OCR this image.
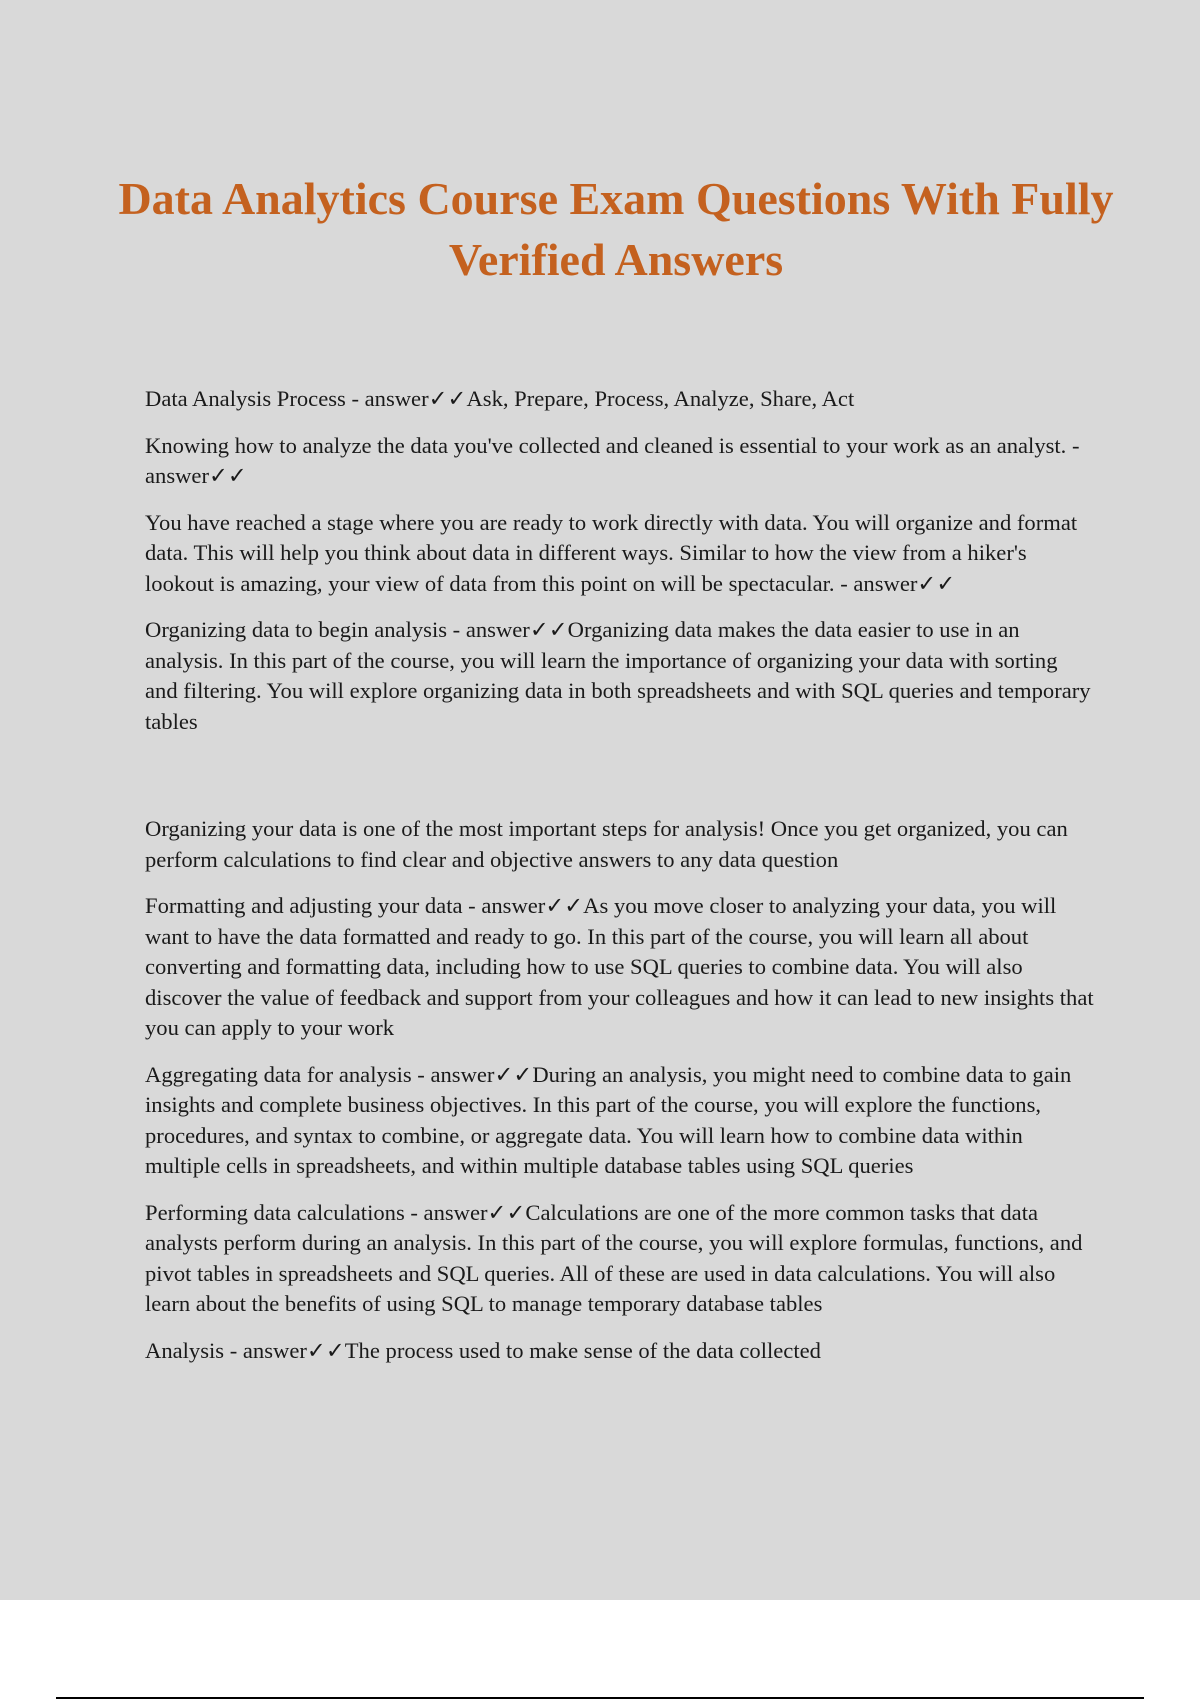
Data Analytics Course Exam Questions With Fully Verified Answers

Data Analysis Process - answer✓✓Ask, Prepare, Process, Analyze, Share, Act

Knowing how to analyze the data you've collected and cleaned is essential to your work as an analyst. - answer✓✓

You have reached a stage where you are ready to work directly with data. You will organize and format data. This will help you think about data in different ways. Similar to how the view from a hiker's lookout is amazing, your view of data from this point on will be spectacular. - answer✓✓

Organizing data to begin analysis - answer✓✓Organizing data makes the data easier to use in an analysis. In this part of the course, you will learn the importance of organizing your data with sorting and filtering. You will explore organizing data in both spreadsheets and with SQL queries and temporary tables

Organizing your data is one of the most important steps for analysis! Once you get organized, you can perform calculations to find clear and objective answers to any data question

Formatting and adjusting your data - answer✓✓As you move closer to analyzing your data, you will want to have the data formatted and ready to go. In this part of the course, you will learn all about converting and formatting data, including how to use SQL queries to combine data. You will also discover the value of feedback and support from your colleagues and how it can lead to new insights that you can apply to your work

Aggregating data for analysis - answer✓✓During an analysis, you might need to combine data to gain insights and complete business objectives. In this part of the course, you will explore the functions, procedures, and syntax to combine, or aggregate data. You will learn how to combine data within multiple cells in spreadsheets, and within multiple database tables using SQL queries

Performing data calculations - answer✓✓Calculations are one of the more common tasks that data analysts perform during an analysis. In this part of the course, you will explore formulas, functions, and pivot tables in spreadsheets and SQL queries. All of these are used in data calculations. You will also learn about the benefits of using SQL to manage temporary database tables

Analysis - answer✓✓The process used to make sense of the data collected
